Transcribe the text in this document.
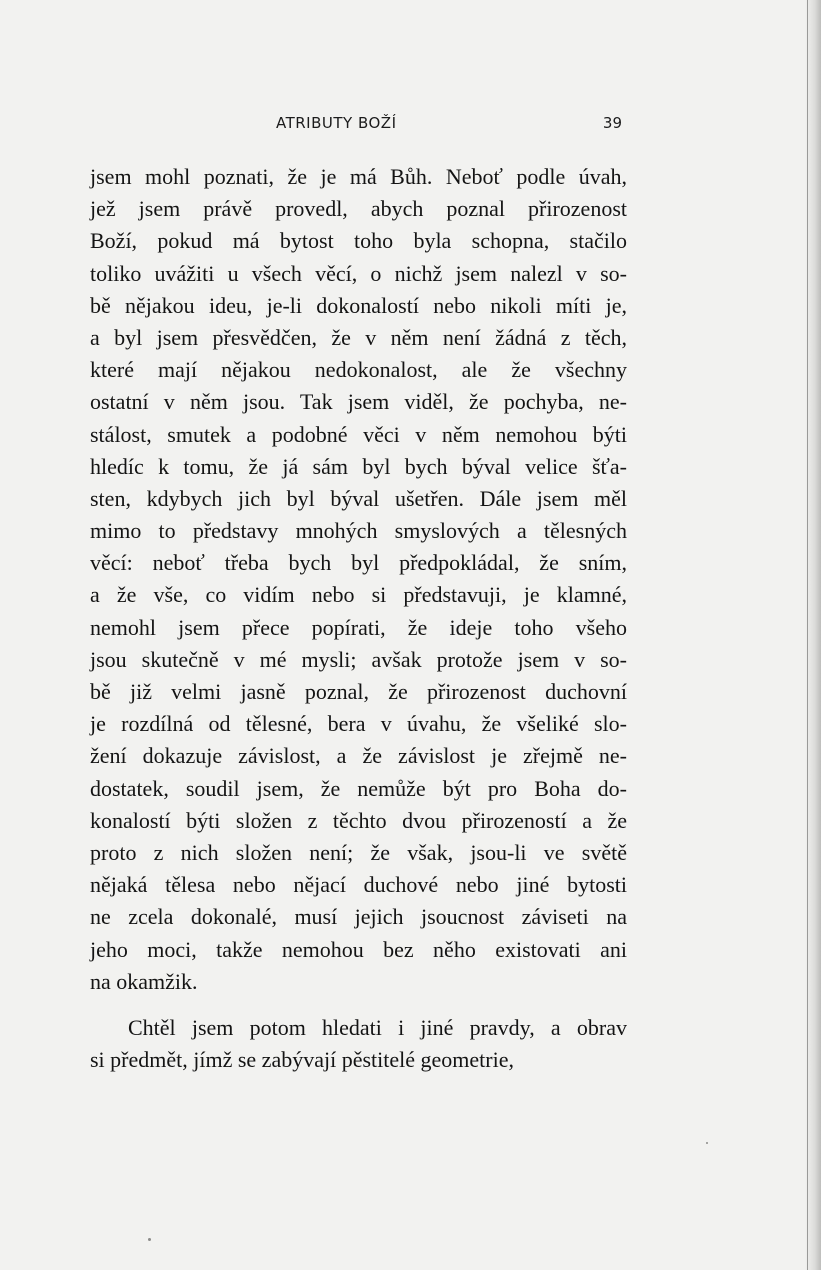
ATRIBUTY BOŽÍ	39
jsem mohl poznati, že je má Bůh. Neboť podle úvah,
jež jsem právě provedl, abych poznal přirozenost
Boží, pokud má bytost toho byla schopna, stačilo
toliko uvážiti u všech věcí, o nichž jsem nalezl v so-
bě nějakou ideu, je-li dokonalostí nebo nikoli míti je,
a byl jsem přesvědčen, že v něm není žádná z těch,
které mají nějakou nedokonalost, ale že všechny
ostatní v něm jsou. Tak jsem viděl, že pochyba, ne-
stálost, smutek a podobné věci v něm nemohou býti
hledíc k tomu, že já sám byl bych býval velice šťa-
sten, kdybych jich byl býval ušetřen. Dále jsem měl
mimo to představy mnohých smyslových a tělesných
věcí: neboť třeba bych byl předpokládal, že sním,
a že vše, co vidím nebo si představuji, je klamné,
nemohl jsem přece popírati, že ideje toho všeho
jsou skutečně v mé mysli; avšak protože jsem v so-
bě již velmi jasně poznal, že přirozenost duchovní
je rozdílná od tělesné, bera v úvahu, že všeliké slo-
žení dokazuje závislost, a že závislost je zřejmě ne-
dostatek, soudil jsem, že nemůže být pro Boha do-
konalostí býti složen z těchto dvou přirozeností a že
proto z nich složen není; že však, jsou-li ve světě
nějaká tělesa nebo nějací duchové nebo jiné bytosti
ne zcela dokonalé, musí jejich jsoucnost záviseti na
jeho moci, takže nemohou bez něho existovati ani
na okamžik.
Chtěl jsem potom hledati i jiné pravdy, a obrav
si předmět, jímž se zabývají pěstitelé geometrie,
